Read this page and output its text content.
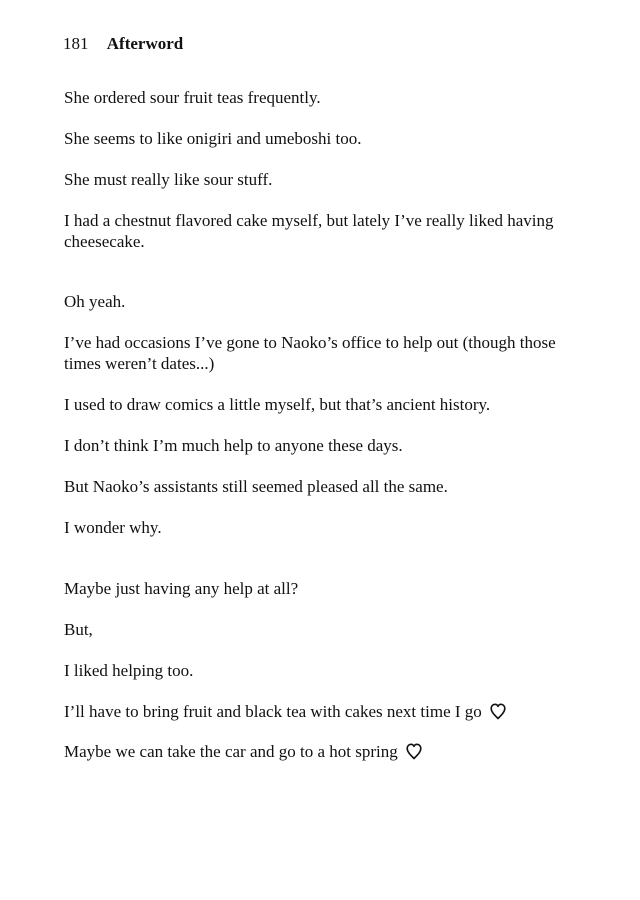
181 Afterword

She ordered sour fruit teas frequently.

She seems to like onigiri and umeboshi too.

She must really like sour stuff.

I had a chestnut flavored cake myself, but lately I’ve really liked having cheesecake.

Oh yeah.

I’ve had occasions I’ve gone to Naoko’s office to help out (though those times weren’t dates...)

I used to draw comics a little myself, but that’s ancient history.

I don’t think I’m much help to anyone these days.

But Naoko’s assistants still seemed pleased all the same.

I wonder why.

Maybe just having any help at all?

But,

I liked helping too.

I’ll have to bring fruit and black tea with cakes next time I go

Maybe we can take the car and go to a hot spring
